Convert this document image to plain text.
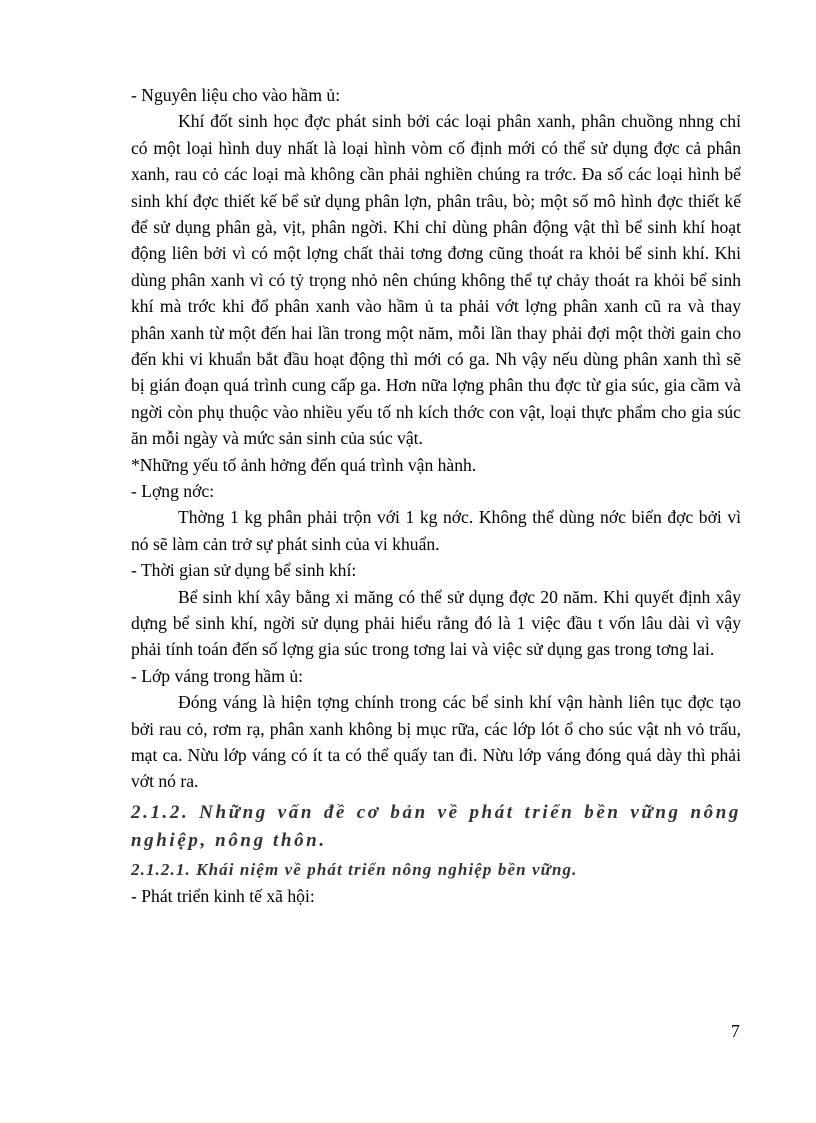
- Nguyên liệu cho vào hầm ủ:

Khí đốt sinh học đợc phát sinh bởi các loại phân xanh, phân chuồng nhng chỉ có một loại hình duy nhất là loại hình vòm cố định mới có thể sử dụng đợc cả phân xanh, rau cỏ các loại mà không cần phải nghiền chúng ra trớc. Đa số các loại hình bể sinh khí đợc thiết kế bể sử dụng phân lợn, phân trâu, bò; một số mô hình đợc thiết kế để sử dụng phân gà, vịt, phân ngời. Khi chỉ dùng phân động vật thì bể sinh khí hoạt động liên bởi vì có một lợng chất thải tơng đơng cũng thoát ra khỏi bể sinh khí. Khi dùng phân xanh vì có tỷ trọng nhỏ nên chúng không thể tự chảy thoát ra khỏi bể sinh khí mà trớc khi đổ phân xanh vào hầm ủ ta phải vớt lợng phân xanh cũ ra và thay phân xanh từ một đến hai lần trong một năm, mỗi lần thay phải đợi một thời gain cho đến khi vi khuẩn bắt đầu hoạt động thì mới có ga. Nh vậy nếu dùng phân xanh thì sẽ bị gián đoạn quá trình cung cấp ga. Hơn nữa lợng phân thu đợc từ gia súc, gia cầm và ngời còn phụ thuộc vào nhiều yếu tố nh kích thớc con vật, loại thực phẩm cho gia súc ăn mỗi ngày và mức sản sinh của súc vật.

*Những yếu tố ảnh hởng đến quá trình vận hành.
- Lợng nớc:

Thờng 1 kg phân phải trộn với 1 kg nớc. Không thể dùng nớc biển đợc bởi vì nó sẽ làm cản trở sự phát sinh của vi khuẩn.

- Thời gian sử dụng bể sinh khí:

Bể sinh khí xây bằng xi măng có thể sử dụng đợc 20 năm. Khi quyết định xây dựng bể sinh khí, ngời sử dụng phải hiểu rằng đó là 1 việc đầu t vốn lâu dài vì vậy phải tính toán đến số lợng gia súc trong tơng lai và việc sử dụng gas trong tơng lai.

- Lớp váng trong hầm ủ:

Đóng váng là hiện tợng chính trong các bể sinh khí vận hành liên tục đợc tạo bởi rau cỏ, rơm rạ, phân xanh không bị mục rữa, các lớp lót ổ cho súc vật nh vỏ trấu, mạt ca. Nừu lớp váng có ít ta có thể quấy tan đi. Nừu lớp váng đóng quá dày thì phải vớt nó ra.

2.1.2. Những vấn đề cơ bản về phát triển bền vững nông nghiệp, nông thôn.
2.1.2.1. Khái niệm về phát triển nông nghiệp bền vững.
- Phát triển kinh tế xã hội:
7
